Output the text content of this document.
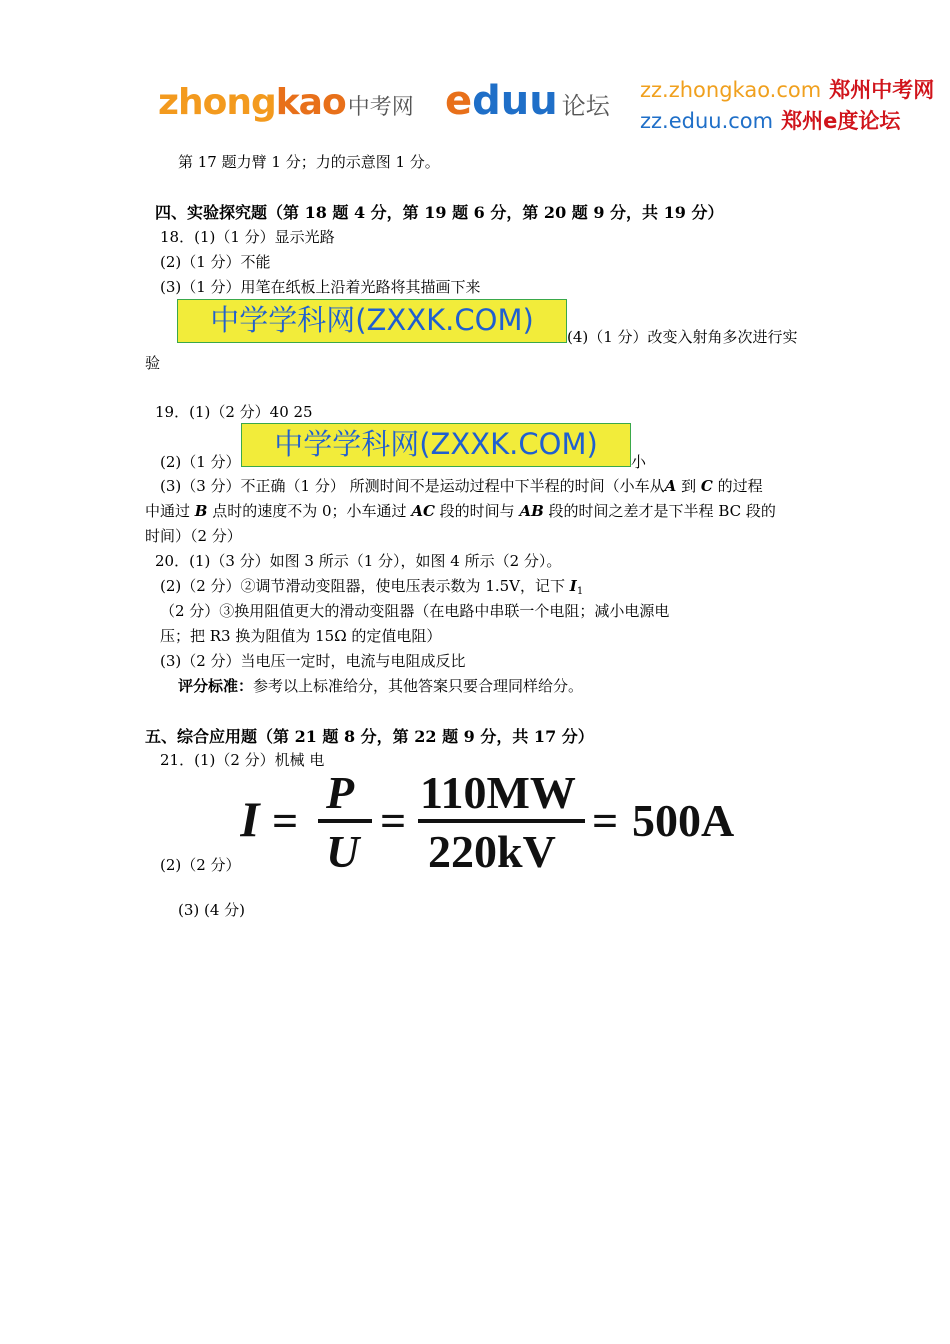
zhongkao中考网 eduu 论坛
zz.zhongkao.com 郑州中考网
zz.eduu.com 郑州e度论坛
第 17 题力臂 1 分；力的示意图 1 分。
四、实验探究题（第 18 题 4 分，第 19 题 6 分，第 20 题 9 分，共 19 分）
18．(1)（1 分）显示光路
(2)（1 分）不能
(3)（1 分）用笔在纸板上沿着光路将其描画下来
中学学科网(ZXXK.COM)	(4)（1 分）改变入射角多次进行实
验
19．(1)（2 分）40 25
(2)（1 分）
中学学科网(ZXXK.COM)
小
(3)（3 分）不正确（1 分） 所测时间不是运动过程中下半程的时间（小车从A 到 C 的过程
中通过 B 点时的速度不为 0；小车通过 AC 段的时间与 AB 段的时间之差才是下半程 BC 段的
时间）（2 分）
20．(1)（3 分）如图 3 所示（1 分），如图 4 所示（2 分）。
(2)（2 分）②调节滑动变阻器，使电压表示数为 1.5V，记下 $I_1$
（2 分）③换用阻值更大的滑动变阻器（在电路中串联一个电阻；减小电源电
压；把 R3 换为阻值为 15Ω 的定值电阻）
(3)（2 分）当电压一定时，电流与电阻成反比
评分标准：参考以上标准给分，其他答案只要合理同样给分。
五、综合应用题（第 21 题 8 分，第 22 题 9 分，共 17 分）
21．(1)（2 分）机械 电
I =
P
U
=
110MW
220kV
= 500A
(2)（2 分）
(3) (4 分)
